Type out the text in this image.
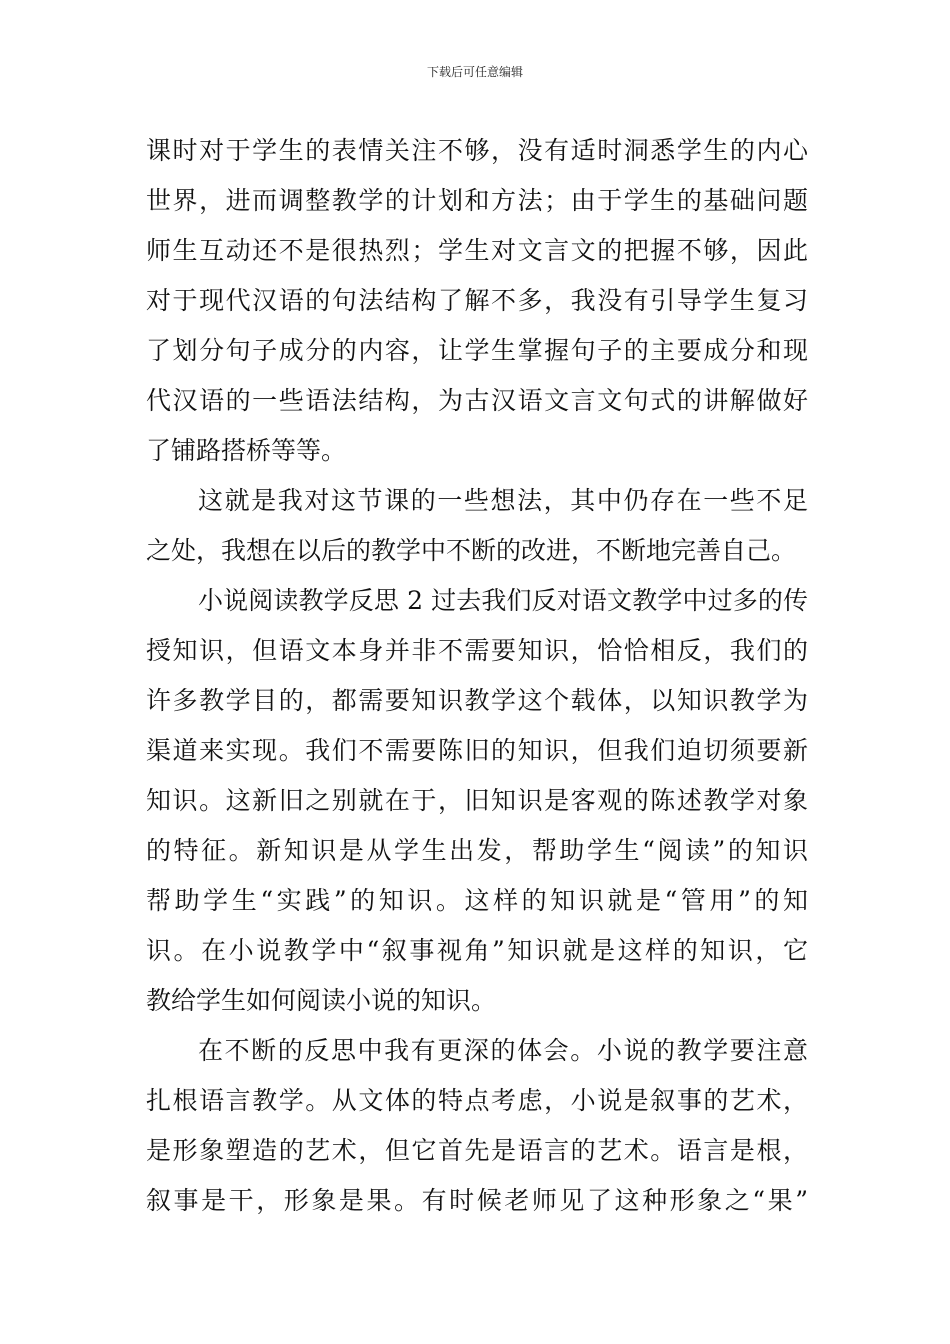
下载后可任意编辑
课时对于学生的表情关注不够，没有适时洞悉学生的内心
世界，进而调整教学的计划和方法；由于学生的基础问题
师生互动还不是很热烈；学生对文言文的把握不够，因此
对于现代汉语的句法结构了解不多，我没有引导学生复习
了划分句子成分的内容，让学生掌握句子的主要成分和现
代汉语的一些语法结构，为古汉语文言文句式的讲解做好
了铺路搭桥等等。
这就是我对这节课的一些想法，其中仍存在一些不足
之处，我想在以后的教学中不断的改进，不断地完善自己。
小说阅读教学反思 2 过去我们反对语文教学中过多的传
授知识，但语文本身并非不需要知识，恰恰相反，我们的
许多教学目的，都需要知识教学这个载体，以知识教学为
渠道来实现。我们不需要陈旧的知识，但我们迫切须要新
知识。这新旧之别就在于，旧知识是客观的陈述教学对象
的特征。新知识是从学生出发，帮助学生“阅读”的知识
帮助学生“实践”的知识。这样的知识就是“管用”的知
识。在小说教学中“叙事视角”知识就是这样的知识，它
教给学生如何阅读小说的知识。
在不断的反思中我有更深的体会。小说的教学要注意
扎根语言教学。从文体的特点考虑，小说是叙事的艺术，
是形象塑造的艺术，但它首先是语言的艺术。语言是根，
叙事是干，形象是果。有时候老师见了这种形象之“果”
